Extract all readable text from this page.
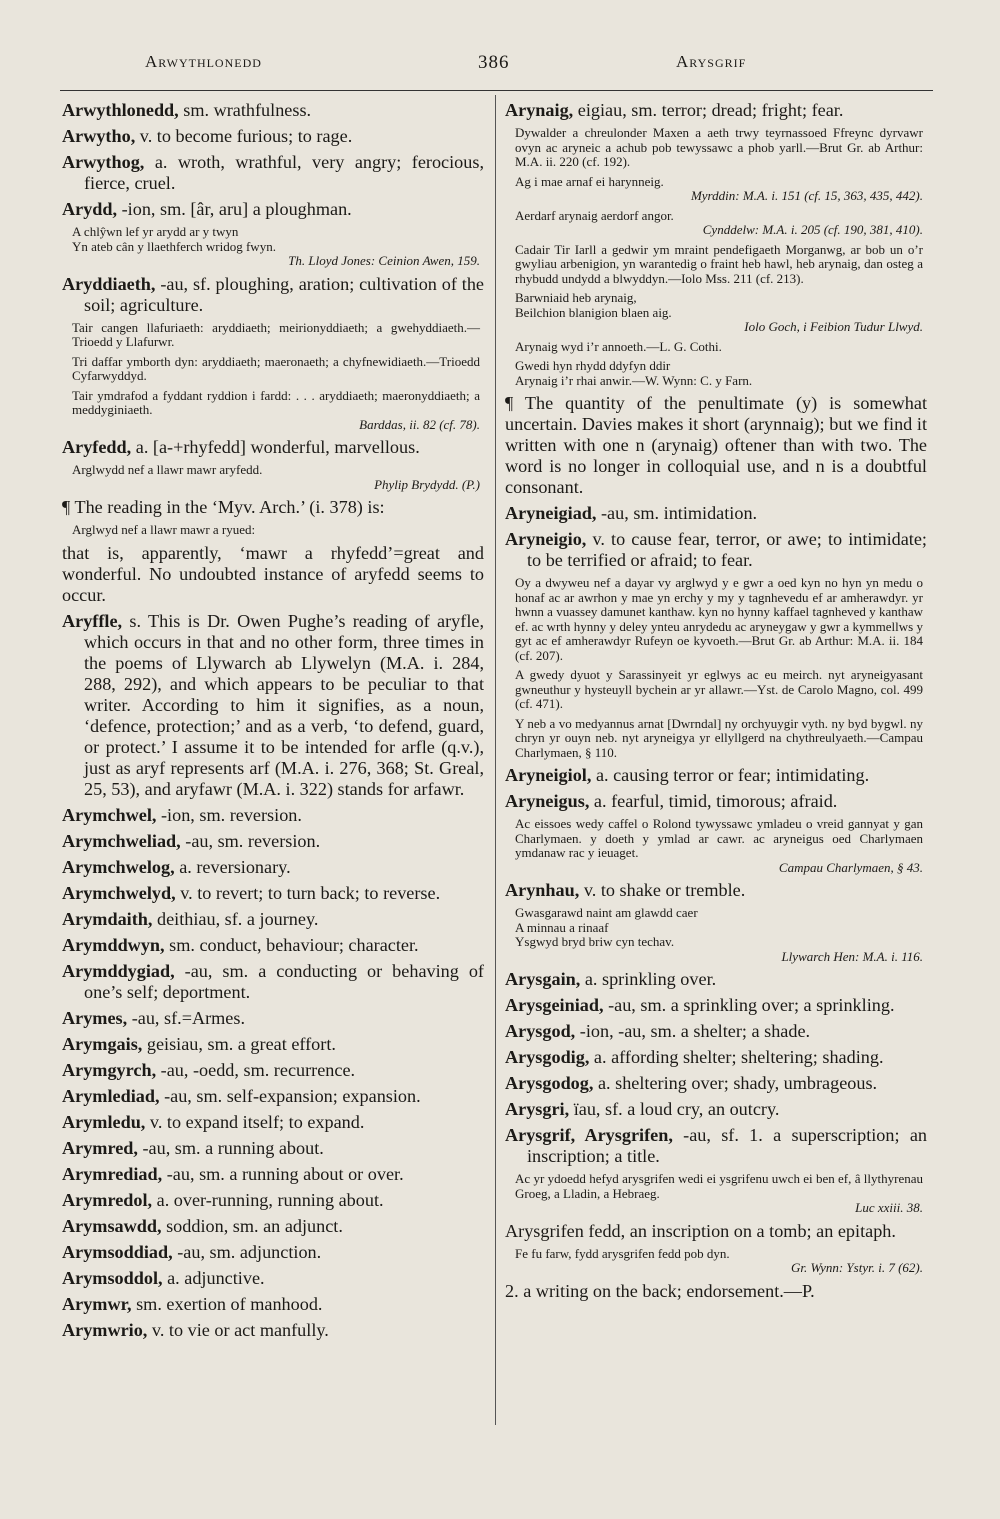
Arwythlonedd	386	Arysgrif

Arwythlonedd, sm. wrathfulness.

Arwytho, v. to become furious; to rage.

Arwythog, a. wroth, wrathful, very angry; ferocious, fierce, cruel.

Arydd, -ion, sm. [âr, aru] a ploughman.

A chlŷwn lef yr arydd ar y twyn
Yn ateb cân y llaethferch wridog fwyn.
Th. Lloyd Jones: Ceinion Awen, 159.

Aryddiaeth, -au, sf. ploughing, aration; cultivation of the soil; agriculture.

Tair cangen llafuriaeth: aryddiaeth; meirionyddiaeth; a gwehyddiaeth.—Trioedd y Llafurwr.
Tri daffar ymborth dyn: aryddiaeth; maeronaeth; a chyfnewidiaeth.—Trioedd Cyfarwyddyd.
Tair ymdrafod a fyddant ryddion i fardd: . . . aryddiaeth; maeronyddiaeth; a meddyginiaeth.
Barddas, ii. 82 (cf. 78).

Aryfedd, a. [a-+rhyfedd] wonderful, marvellous.

Arglwydd nef a llawr mawr aryfedd.
Phylip Brydydd. (P.)

¶ The reading in the ‘Myv. Arch.’ (i. 378) is:

Arglwyd nef a llawr mawr a ryued:

that is, apparently, ‘mawr a rhyfedd’=great and wonderful. No undoubted instance of aryfedd seems to occur.

Aryffle, s. This is Dr. Owen Pughe’s reading of aryfle, which occurs in that and no other form, three times in the poems of Llywarch ab Llywelyn (M.A. i. 284, 288, 292), and which appears to be peculiar to that writer. According to him it signifies, as a noun, ‘defence, protection;’ and as a verb, ‘to defend, guard, or protect.’ I assume it to be intended for arfle (q.v.), just as aryf represents arf (M.A. i. 276, 368; St. Greal, 25, 53), and aryfawr (M.A. i. 322) stands for arfawr.

Arymchwel, -ion, sm. reversion.

Arymchweliad, -au, sm. reversion.

Arymchwelog, a. reversionary.

Arymchwelyd, v. to revert; to turn back; to reverse.

Arymdaith, deithiau, sf. a journey.

Arymddwyn, sm. conduct, behaviour; character.

Arymddygiad, -au, sm. a conducting or behaving of one’s self; deportment.

Arymes, -au, sf.=Armes.

Arymgais, geisiau, sm. a great effort.

Arymgyrch, -au, -oedd, sm. recurrence.

Arymlediad, -au, sm. self-expansion; expansion.

Arymledu, v. to expand itself; to expand.

Arymred, -au, sm. a running about.

Arymrediad, -au, sm. a running about or over.

Arymredol, a. over-running, running about.

Arymsawdd, soddion, sm. an adjunct.

Arymsoddiad, -au, sm. adjunction.

Arymsoddol, a. adjunctive.

Arymwr, sm. exertion of manhood.

Arymwrio, v. to vie or act manfully.

Arynaig, eigiau, sm. terror; dread; fright; fear.

Dywalder a chreulonder Maxen a aeth trwy teyrnassoed Ffreync dyrvawr ovyn ac aryneic a achub pob tewyssawc a phob yarll.—Brut Gr. ab Arthur: M.A. ii. 220 (cf. 192).
Ag i mae arnaf ei harynneig.
Myrddin: M.A. i. 151 (cf. 15, 363, 435, 442).
Aerdarf arynaig aerdorf angor.
Cynddelw: M.A. i. 205 (cf. 190, 381, 410).
Cadair Tir Iarll a gedwir ym mraint pendefigaeth Morganwg, ar bob un o’r gwyliau arbenigion, yn warantedig o fraint heb hawl, heb arynaig, dan osteg a rhybudd undydd a blwyddyn.—Iolo Mss. 211 (cf. 213).
Barwniaid heb arynaig,
Beilchion blanigion blaen aig.
Iolo Goch, i Feibion Tudur Llwyd.
Arynaig wyd i’r annoeth.—L. G. Cothi.
Gwedi hyn rhydd ddyfyn ddir
Arynaig i’r rhai anwir.—W. Wynn: C. y Farn.

¶ The quantity of the penultimate (y) is somewhat uncertain. Davies makes it short (arynnaig); but we find it written with one n (arynaig) oftener than with two. The word is no longer in colloquial use, and n is a doubtful consonant.

Aryneigiad, -au, sm. intimidation.

Aryneigio, v. to cause fear, terror, or awe; to intimidate; to be terrified or afraid; to fear.

Oy a dwyweu nef a dayar vy arglwyd y e gwr a oed kyn no hyn yn medu o honaf ac ar awrhon y mae yn erchy y my y tagnhevedu ef ar amherawdyr. yr hwnn a vuassey damunet kanthaw. kyn no hynny kaffael tagnheved y kanthaw ef. ac wrth hynny y deley ynteu anrydedu ac aryneygaw y gwr a kymmellws y gyt ac ef amherawdyr Rufeyn oe kyvoeth.—Brut Gr. ab Arthur: M.A. ii. 184 (cf. 207).
A gwedy dyuot y Sarassinyeit yr eglwys ac eu meirch. nyt aryneigyasant gwneuthur y hysteuyll bychein ar yr allawr.—Yst. de Carolo Magno, col. 499 (cf. 471).
Y neb a vo medyannus arnat [Dwrndal] ny orchyuygir vyth. ny byd bygwl. ny chryn yr ouyn neb. nyt aryneigya yr ellyllgerd na chythreulyaeth.—Campau Charlymaen, § 110.

Aryneigiol, a. causing terror or fear; intimidating.

Aryneigus, a. fearful, timid, timorous; afraid.

Ac eissoes wedy caffel o Rolond tywyssawc ymladeu o vreid gannyat y gan Charlymaen. y doeth y ymlad ar cawr. ac aryneigus oed Charlymaen ymdanaw rac y ieuaget.
Campau Charlymaen, § 43.

Arynhau, v. to shake or tremble.

Gwasgarawd naint am glawdd caer
A minnau a rinaaf
Ysgwyd bryd briw cyn techav.
Llywarch Hen: M.A. i. 116.

Arysgain, a. sprinkling over.

Arysgeiniad, -au, sm. a sprinkling over; a sprinkling.

Arysgod, -ion, -au, sm. a shelter; a shade.

Arysgodig, a. affording shelter; sheltering; shading.

Arysgodog, a. sheltering over; shady, umbrageous.

Arysgri, ïau, sf. a loud cry, an outcry.

Arysgrif, Arysgrifen, -au, sf. 1. a superscription; an inscription; a title.

Ac yr ydoedd hefyd arysgrifen wedi ei ysgrifenu uwch ei ben ef, â llythyrenau Groeg, a Lladin, a Hebraeg.
Luc xxiii. 38.

Arysgrifen fedd, an inscription on a tomb; an epitaph.

Fe fu farw, fydd arysgrifen fedd pob dyn.
Gr. Wynn: Ystyr. i. 7 (62).

2. a writing on the back; endorsement.—P.
